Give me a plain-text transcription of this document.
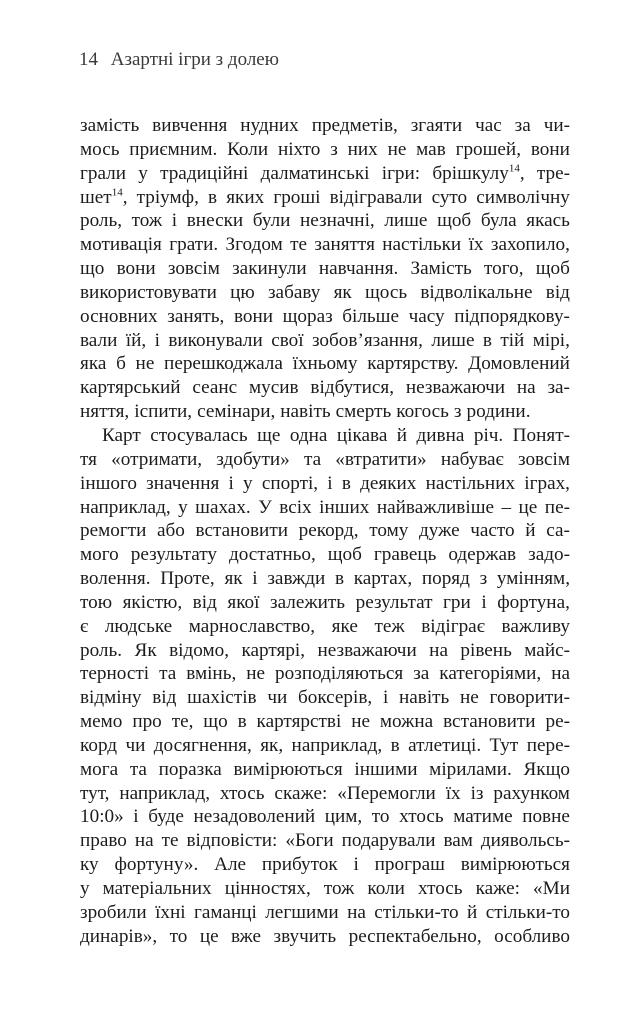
14 Азартні ігри з долею
замість вивчення нудних предметів, згаяти час за чи-
мось приємним. Коли ніхто з них не мав грошей, вони
грали у традиційні далматинські ігри: брішкулу$^{14}$, тре-
шет$^{14}$, тріумф, в яких гроші відігравали суто символічну
роль, тож і внески були незначні, лише щоб була якась
мотивація грати. Згодом те заняття настільки їх захопило,
що вони зовсім закинули навчання. Замість того, щоб
використовувати цю забаву як щось відволікальне від
основних занять, вони щораз більше часу підпорядкову-
вали їй, і виконували свої зобов’язання, лише в тій мірі,
яка б не перешкоджала їхньому картярству. Домовлений
картярський сеанс мусив відбутися, незважаючи на за-
няття, іспити, семінари, навіть смерть когось з родини.
Карт стосувалась ще одна цікава й дивна річ. Понят-
тя «отримати, здобути» та «втратити» набуває зовсім
іншого значення і у спорті, і в деяких настільних іграх,
наприклад, у шахах. У всіх інших найважливіше – це пе-
ремогти або встановити рекорд, тому дуже часто й са-
мого результату достатньо, щоб гравець одержав задо-
волення. Проте, як і завжди в картах, поряд з умінням,
тою якістю, від якої залежить результат гри і фортуна,
є людське марнославство, яке теж відіграє важливу
роль. Як відомо, картярі, незважаючи на рівень майс-
терності та вмінь, не розподіляються за категоріями, на
відміну від шахістів чи боксерів, і навіть не говорити-
мемо про те, що в картярстві не можна встановити ре-
корд чи досягнення, як, наприклад, в атлетиці. Тут пере-
мога та поразка вимірюються іншими мірилами. Якщо
тут, наприклад, хтось скаже: «Перемогли їх із рахунком
10:0» і буде незадоволений цим, то хтось матиме повне
право на те відповісти: «Боги подарували вам диявольсь-
ку фортуну». Але прибуток і програш вимірюються
у матеріальних цінностях, тож коли хтось каже: «Ми
зробили їхні гаманці легшими на стільки-то й стільки-то
динарів», то це вже звучить респектабельно, особливо
